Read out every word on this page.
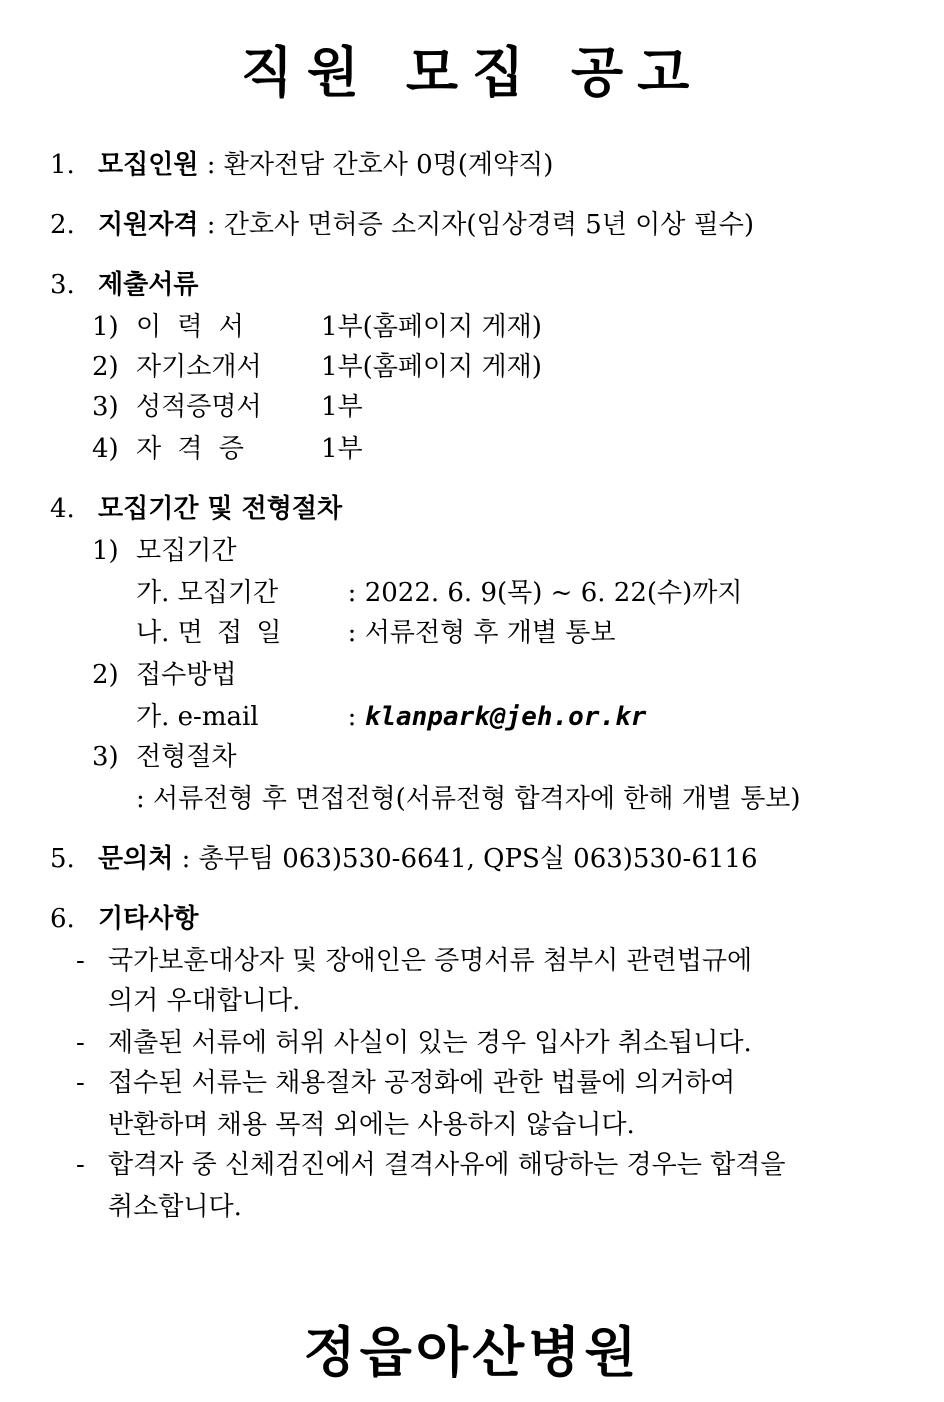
직원 모집 공고
1. 모집인원 : 환자전담 간호사 0명(계약직)
2. 지원자격 : 간호사 면허증 소지자(임상경력 5년 이상 필수)
3. 제출서류
1) 이 력 서	1부(홈페이지 게재)
2) 자기소개서 1부(홈페이지 게재)
3) 성적증명서 1부
4) 자 격 증	1부
4. 모집기간 및 전형절차
1) 모집기간
가. 모집기간	: 2022. 6. 9(목) ~ 6. 22(수)까지
나. 면 접 일 : 서류전형 후 개별 통보
2) 접수방법
가. e-mail	: klanpark@jeh.or.kr
3) 전형절차
: 서류전형 후 면접전형(서류전형 합격자에 한해 개별 통보)
5. 문의처 : 총무팀 063)530-6641, QPS실 063)530-6116
6. 기타사항
- 국가보훈대상자 및 장애인은 증명서류 첨부시 관련법규에
의거 우대합니다.
- 제출된 서류에 허위 사실이 있는 경우 입사가 취소됩니다.
- 접수된 서류는 채용절차 공정화에 관한 법률에 의거하여
반환하며 채용 목적 외에는 사용하지 않습니다.
- 합격자 중 신체검진에서 결격사유에 해당하는 경우는 합격을
취소합니다.
정읍아산병원
